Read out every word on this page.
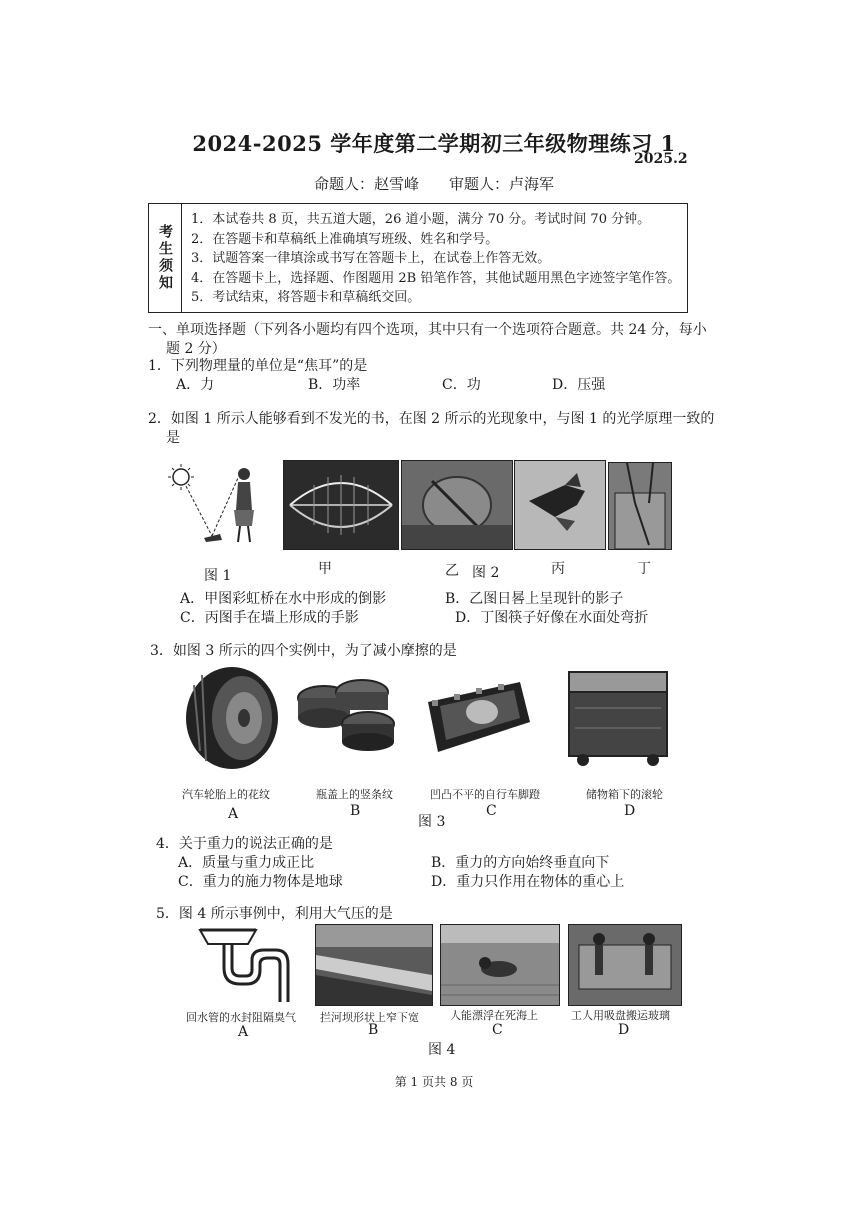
2024-2025 学年度第二学期初三年级物理练习 1
2025.2
命题人：赵雪峰　　审题人：卢海军
考生须知
1．本试卷共 8 页，共五道大题，26 道小题，满分 70 分。考试时间 70 分钟。
2．在答题卡和草稿纸上准确填写班级、姓名和学号。
3．试题答案一律填涂或书写在答题卡上，在试卷上作答无效。
4．在答题卡上，选择题、作图题用 2B 铅笔作答，其他试题用黑色字迹签字笔作答。
5．考试结束，将答题卡和草稿纸交回。
一、单项选择题（下列各小题均有四个选项，其中只有一个选项符合题意。共 24 分，每小
题 2 分）
1．下列物理量的单位是“焦耳”的是
A．力	B．功率	C．功	D．压强
2．如图 1 所示人能够看到不发光的书，在图 2 所示的光现象中，与图 1 的光学原理一致的
是
图 1	甲	乙 图 2	丙	丁
A．甲图彩虹桥在水中形成的倒影	B．乙图日晷上呈现针的影子
C．丙图手在墙上形成的手影	D．丁图筷子好像在水面处弯折
3．如图 3 所示的四个实例中，为了减小摩擦的是
汽车轮胎上的花纹	瓶盖上的竖条纹	凹凸不平的自行车脚蹬	储物箱下的滚轮
A	B
图 3
C	D
4．关于重力的说法正确的是
A．质量与重力成正比	B．重力的方向始终垂直向下
C．重力的施力物体是地球	D．重力只作用在物体的重心上
5．图 4 所示事例中，利用大气压的是
回水管的水封阻隔臭气 拦河坝形状上窄下宽	人能漂浮在死海上	工人用吸盘搬运玻璃
A	B	C	D
图 4
第 1 页共 8 页
